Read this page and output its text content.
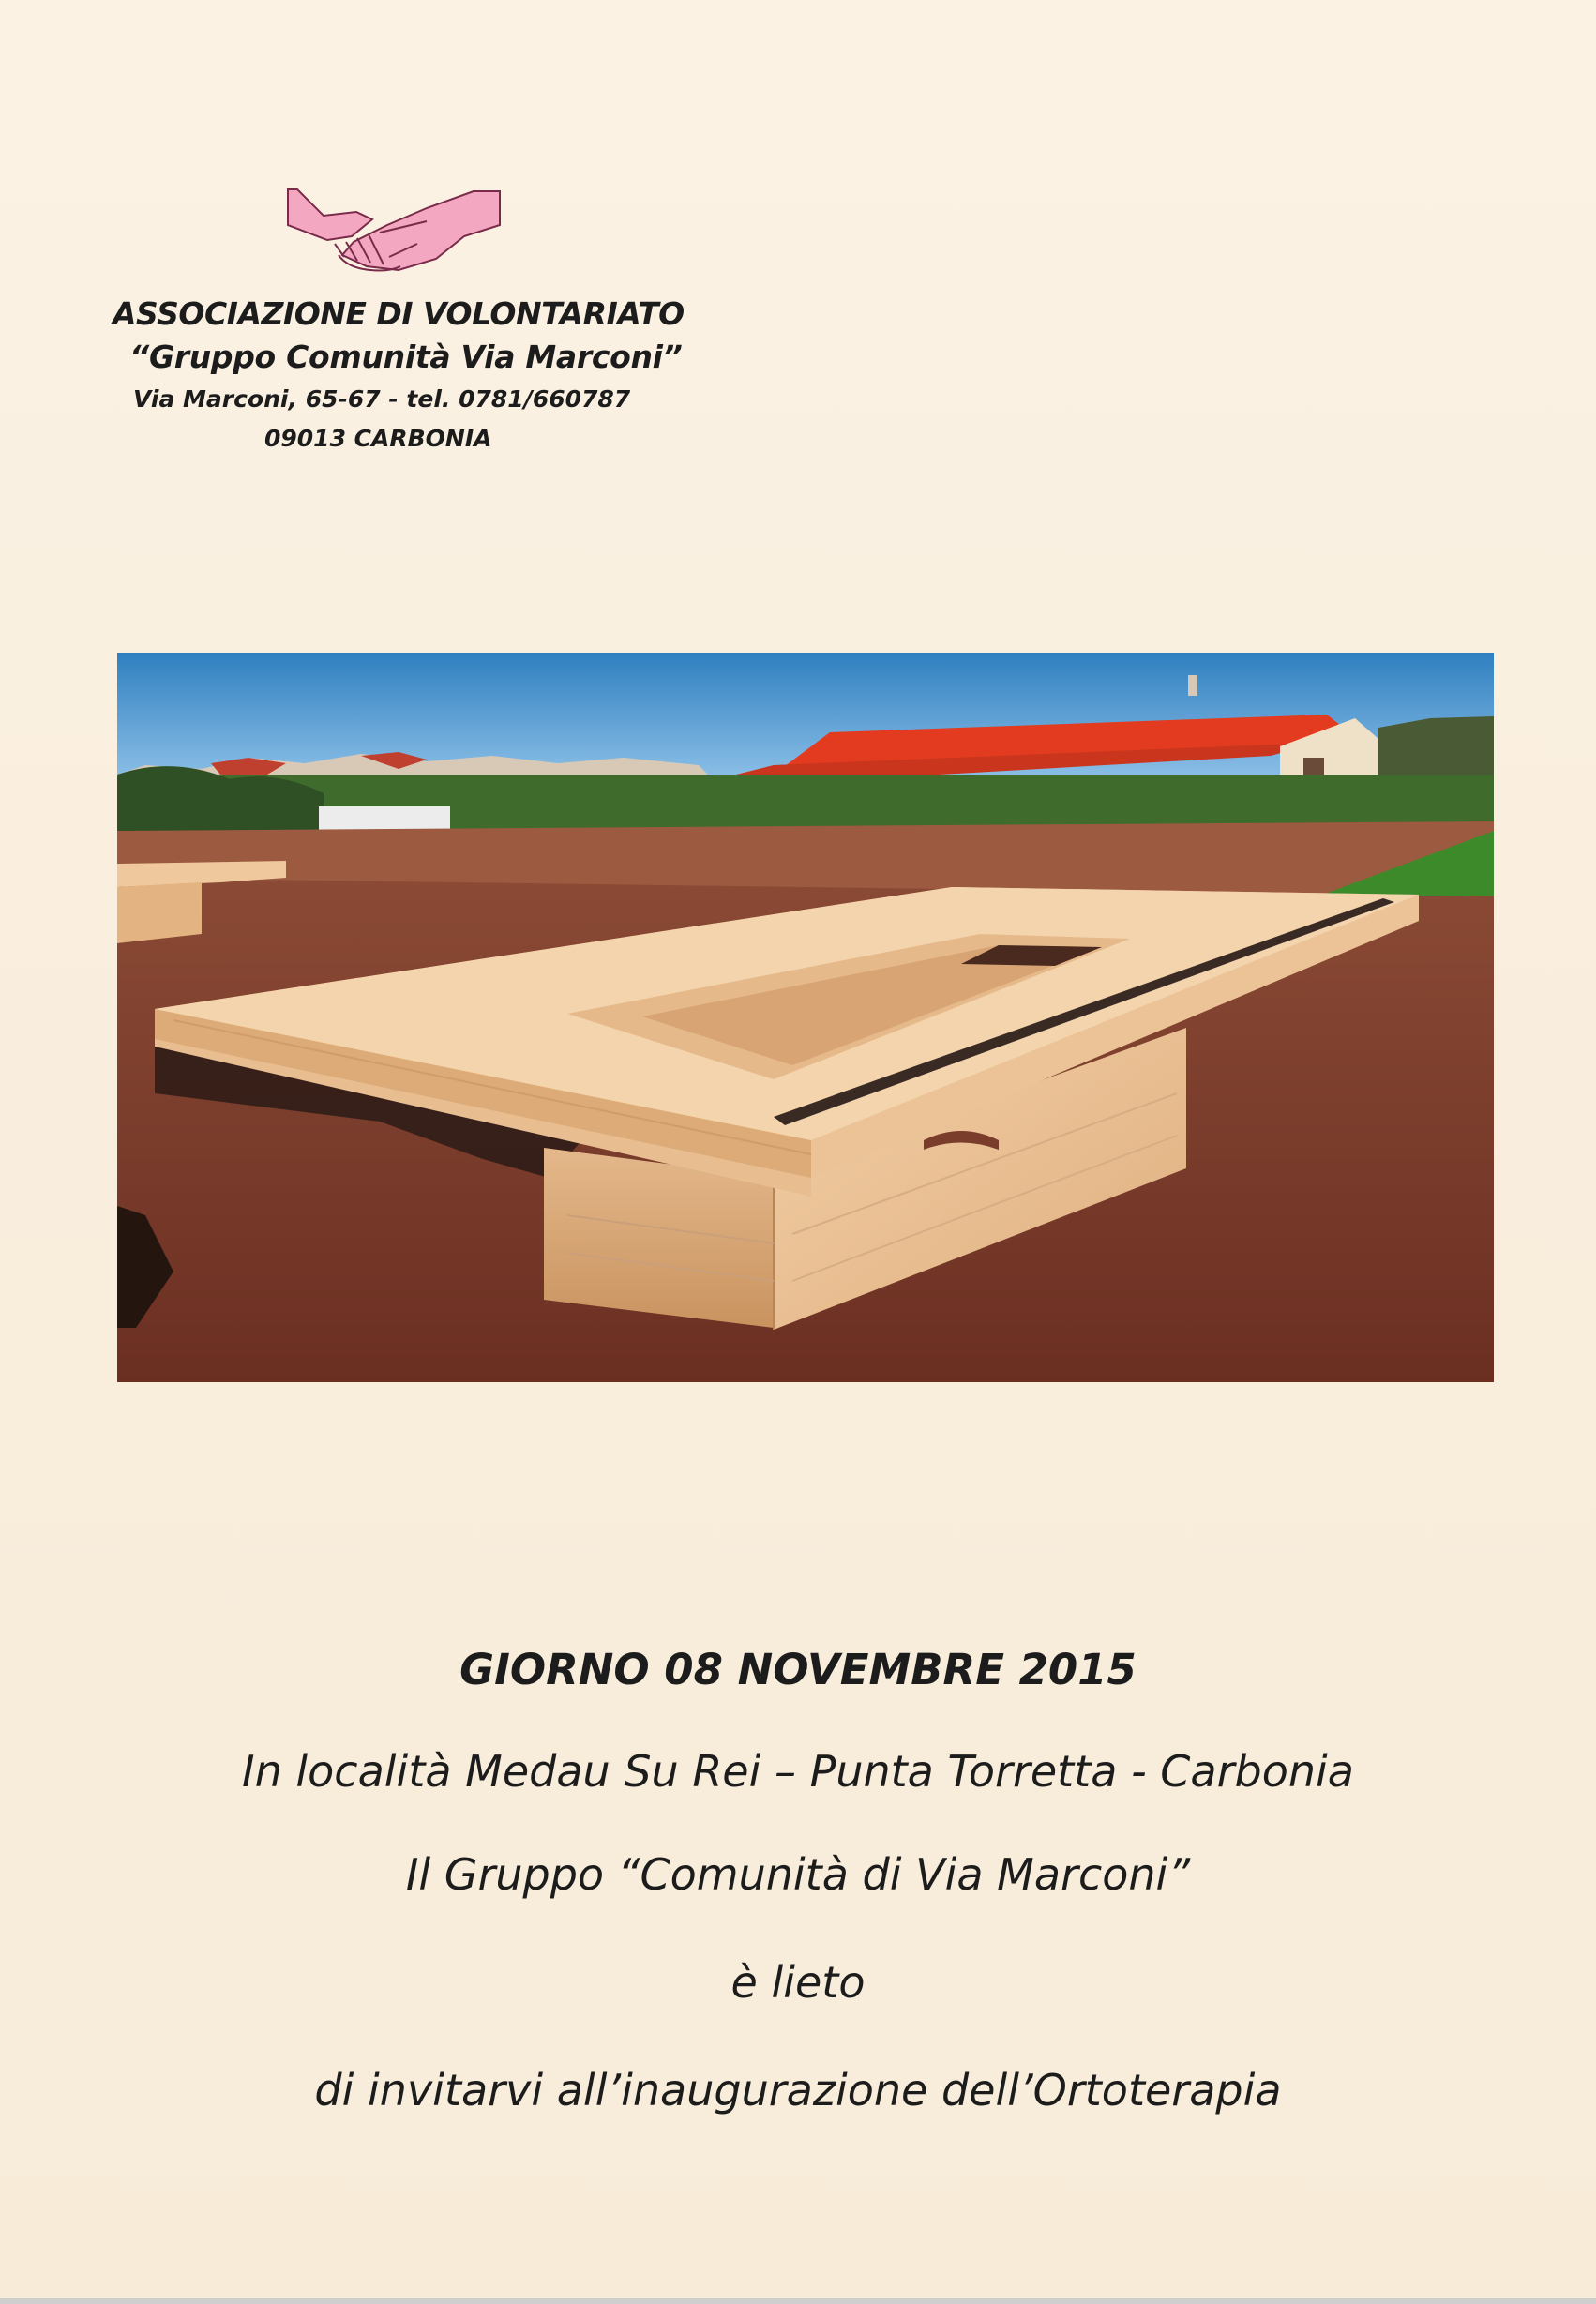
ASSOCIAZIONE DI VOLONTARIATO
“Gruppo Comunità Via Marconi”
Via Marconi, 65-67 - tel. 0781/660787
09013 CARBONIA
GIORNO 08 NOVEMBRE 2015
In località Medau Su Rei – Punta Torretta - Carbonia
Il Gruppo “Comunità di Via Marconi”
è lieto
di invitarvi all’inaugurazione dell’Ortoterapia
